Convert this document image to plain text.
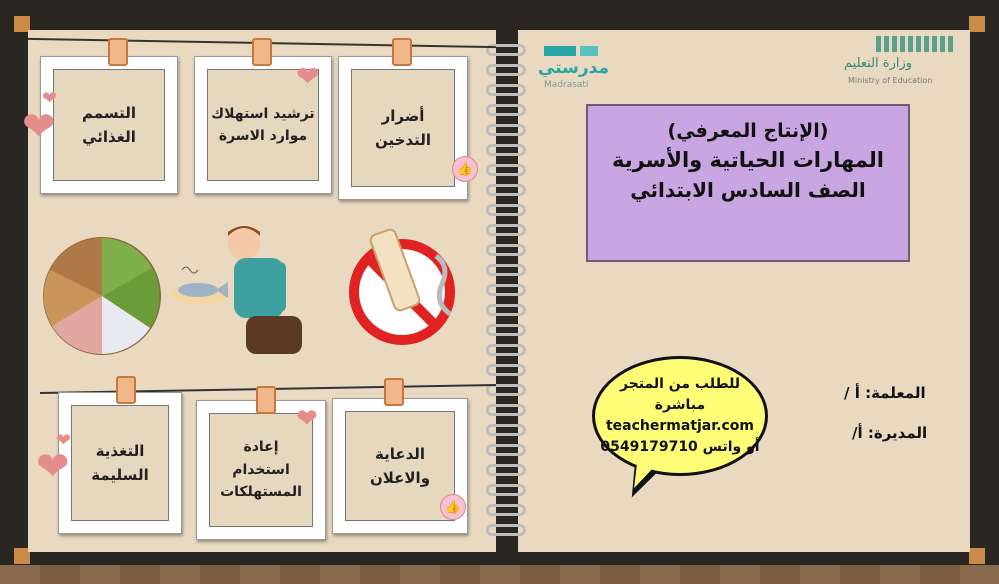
التسمم
الغذائي
ترشيد استهلاك
موارد الاسرة
أضرار
التدخين
التغذية
السليمة
إعادة
استخدام
المستهلكات
الدعاية
والاعلان
❤
❤
❤
❤
❤
❤
👍
👍
مدرستي
Madrasati
وزارة التعليم
Ministry of Education
(الإنتاج المعرفي)
المهارات الحياتية والأسرية
الصف السادس الابتدائي
للطلب من المتجر مباشرة
teachermatjar.com
أو واتس 0549179710
المعلمة: أ /
المديرة: أ/
